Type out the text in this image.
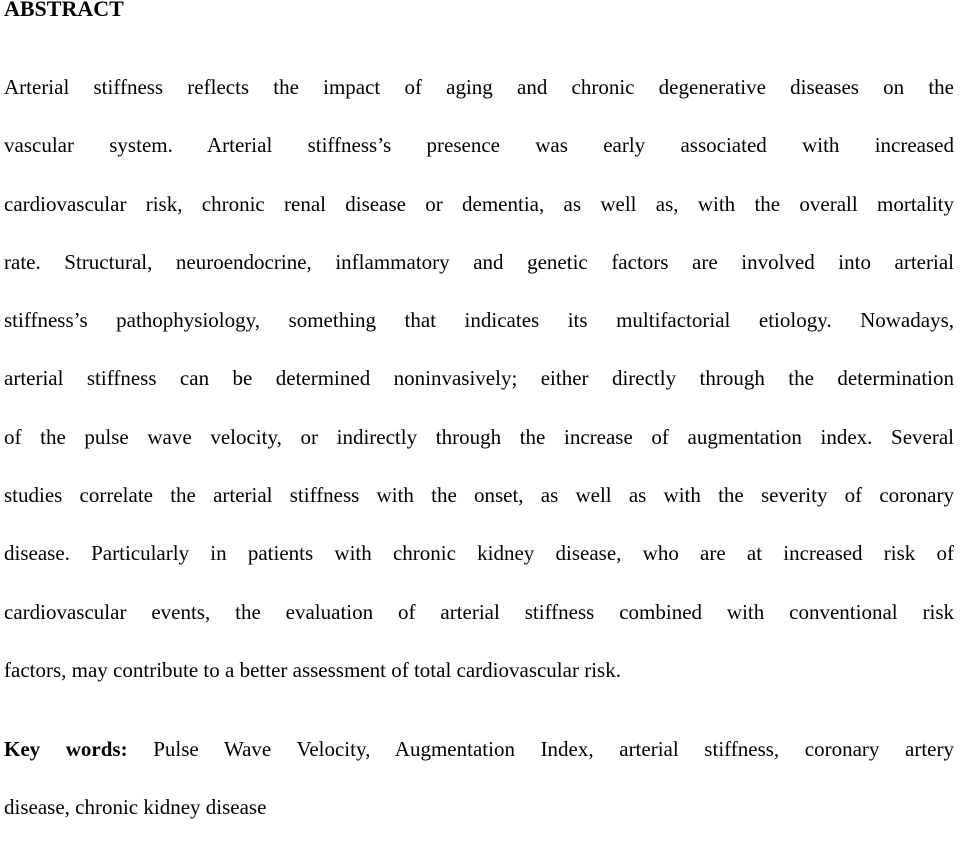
ABSTRACT
Arterial stiffness reflects the impact of aging and chronic degenerative diseases on the
vascular system. Arterial stiffness’s presence was early associated with increased
cardiovascular risk, chronic renal disease or dementia, as well as, with the overall mortality
rate. Structural, neuroendocrine, inflammatory and genetic factors are involved into arterial
stiffness’s pathophysiology, something that indicates its multifactorial etiology. Nowadays,
arterial stiffness can be determined noninvasively; either directly through the determination
of the pulse wave velocity, or indirectly through the increase of augmentation index. Several
studies correlate the arterial stiffness with the onset, as well as with the severity of coronary
disease. Particularly in patients with chronic kidney disease, who are at increased risk of
cardiovascular events, the evaluation of arterial stiffness combined with conventional risk
factors, may contribute to a better assessment of total cardiovascular risk.
Key words: Pulse Wave Velocity, Augmentation Index, arterial stiffness, coronary artery
disease, chronic kidney disease
